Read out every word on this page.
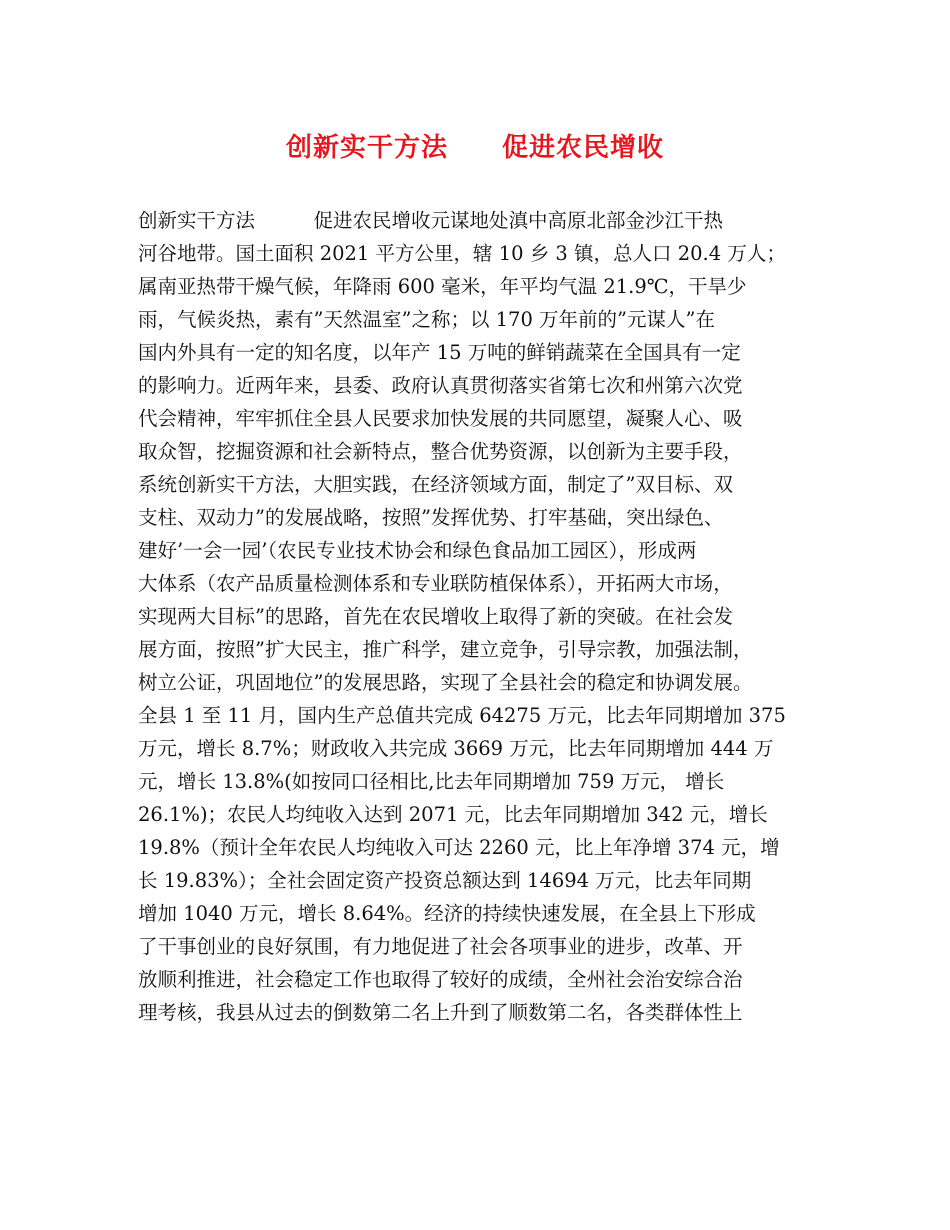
创新实干方法　　促进农民增收
创新实干方法　　　促进农民增收元谋地处滇中高原北部金沙江干热
河谷地带。国土面积 2021 平方公里，辖 10 乡 3 镇，总人口 20.4 万人；
属南亚热带干燥气候，年降雨 600 毫米，年平均气温 21.9℃，干旱少
雨，气候炎热，素有”天然温室”之称；以 170 万年前的”元谋人”在
国内外具有一定的知名度，以年产 15 万吨的鲜销蔬菜在全国具有一定
的影响力。近两年来，县委、政府认真贯彻落实省第七次和州第六次党
代会精神，牢牢抓住全县人民要求加快发展的共同愿望，凝聚人心、吸
取众智，挖掘资源和社会新特点，整合优势资源，以创新为主要手段，
系统创新实干方法，大胆实践，在经济领域方面，制定了”双目标、双
支柱、双动力”的发展战略，按照”发挥优势、打牢基础，突出绿色、
建好’一会一园’（农民专业技术协会和绿色食品加工园区），形成两
大体系（农产品质量检测体系和专业联防植保体系），开拓两大市场，
实现两大目标”的思路，首先在农民增收上取得了新的突破。在社会发
展方面，按照”扩大民主，推广科学，建立竞争，引导宗教，加强法制，
树立公证，巩固地位”的发展思路，实现了全县社会的稳定和协调发展。
全县 1 至 11 月，国内生产总值共完成 64275 万元，比去年同期增加 375
万元，增长 8.7%；财政收入共完成 3669 万元，比去年同期增加 444 万
元，增长 13.8%(如按同口径相比,比去年同期增加 759 万元， 增长
26.1%)；农民人均纯收入达到 2071 元，比去年同期增加 342 元，增长
19.8%（预计全年农民人均纯收入可达 2260 元，比上年净增 374 元，增
长 19.83%）；全社会固定资产投资总额达到 14694 万元，比去年同期
增加 1040 万元，增长 8.64%。经济的持续快速发展，在全县上下形成
了干事创业的良好氛围，有力地促进了社会各项事业的进步，改革、开
放顺利推进，社会稳定工作也取得了较好的成绩，全州社会治安综合治
理考核，我县从过去的倒数第二名上升到了顺数第二名，各类群体性上
